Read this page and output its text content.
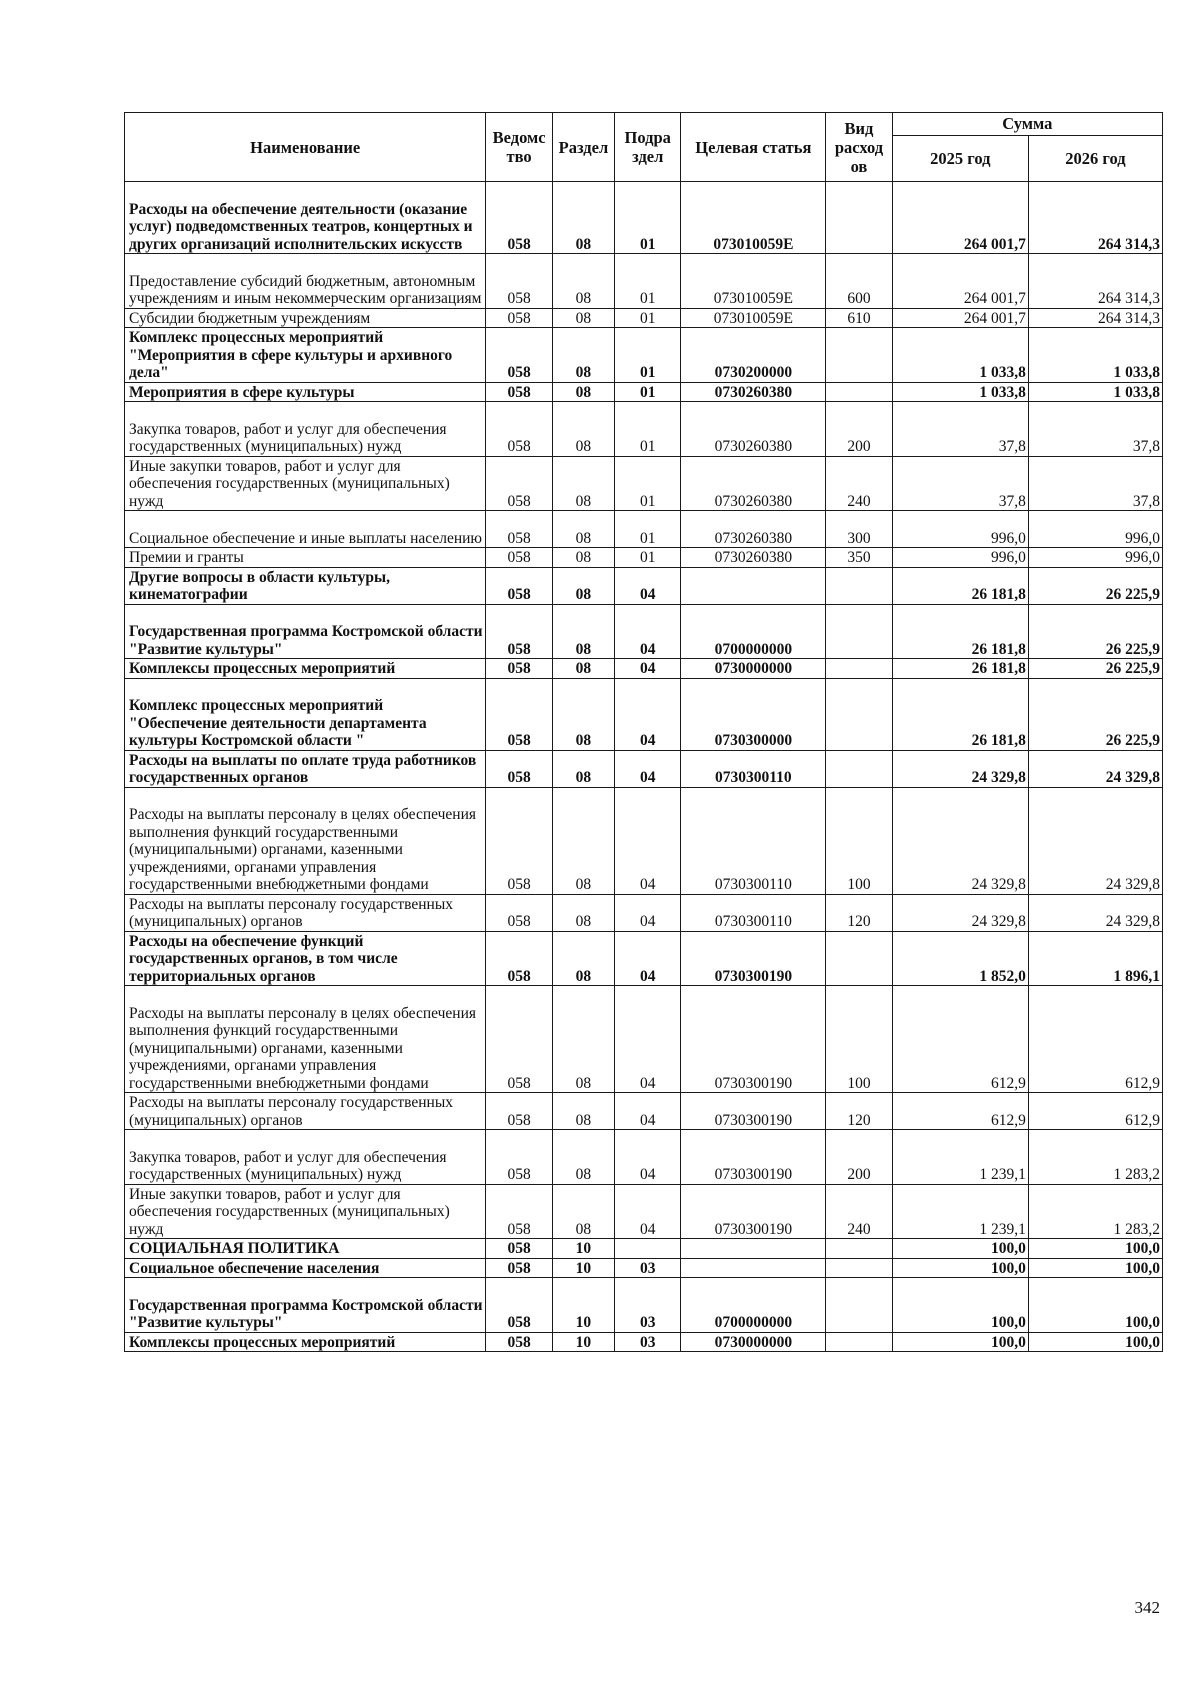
Наименование	Ведомс тво	Раздел	Подра здел	Целевая статья	Вид расход ов	Сумма	
						2025 год	2026 год
Расходы на обеспечение деятельности (оказание услуг) подведомственных театров, концертных и других организаций исполнительских искусств	058	08	01	073010059Е		264 001,7	264 314,3
Предоставление субсидий бюджетным, автономным учреждениям и иным некоммерческим организациям	058	08	01	073010059Е	600	264 001,7	264 314,3
Субсидии бюджетным учреждениям	058	08	01	073010059Е	610	264 001,7	264 314,3
Комплекс процессных мероприятий "Мероприятия в сфере культуры и архивного дела"	058	08	01	0730200000		1 033,8	1 033,8
Мероприятия в сфере культуры	058	08	01	0730260380		1 033,8	1 033,8
Закупка товаров, работ и услуг для обеспечения государственных (муниципальных) нужд	058	08	01	0730260380	200	37,8	37,8
Иные закупки товаров, работ и услуг для обеспечения государственных (муниципальных) нужд	058	08	01	0730260380	240	37,8	37,8
Социальное обеспечение и иные выплаты населению	058	08	01	0730260380	300	996,0	996,0
Премии и гранты	058	08	01	0730260380	350	996,0	996,0
Другие вопросы в области культуры, кинематографии	058	08	04			26 181,8	26 225,9
Государственная программа Костромской области "Развитие культуры"	058	08	04	0700000000		26 181,8	26 225,9
Комплексы процессных мероприятий	058	08	04	0730000000		26 181,8	26 225,9
Комплекс процессных мероприятий "Обеспечение деятельности департамента культуры Костромской области "	058	08	04	0730300000		26 181,8	26 225,9
Расходы на выплаты по оплате труда работников государственных органов	058	08	04	0730300110		24 329,8	24 329,8
Расходы на выплаты персоналу в целях обеспечения выполнения функций государственными (муниципальными) органами, казенными учреждениями, органами управления государственными внебюджетными фондами	058	08	04	0730300110	100	24 329,8	24 329,8
Расходы на выплаты персоналу государственных (муниципальных) органов	058	08	04	0730300110	120	24 329,8	24 329,8
Расходы на обеспечение функций государственных органов, в том числе территориальных органов	058	08	04	0730300190		1 852,0	1 896,1
Расходы на выплаты персоналу в целях обеспечения выполнения функций государственными (муниципальными) органами, казенными учреждениями, органами управления государственными внебюджетными фондами	058	08	04	0730300190	100	612,9	612,9
Расходы на выплаты персоналу государственных (муниципальных) органов	058	08	04	0730300190	120	612,9	612,9
Закупка товаров, работ и услуг для обеспечения государственных (муниципальных) нужд	058	08	04	0730300190	200	1 239,1	1 283,2
Иные закупки товаров, работ и услуг для обеспечения государственных (муниципальных) нужд	058	08	04	0730300190	240	1 239,1	1 283,2
СОЦИАЛЬНАЯ ПОЛИТИКА	058	10				100,0	100,0
Социальное обеспечение населения	058	10	03			100,0	100,0
Государственная программа Костромской области "Развитие культуры"	058	10	03	0700000000		100,0	100,0
Комплексы процессных мероприятий	058	10	03	0730000000		100,0	100,0
342
